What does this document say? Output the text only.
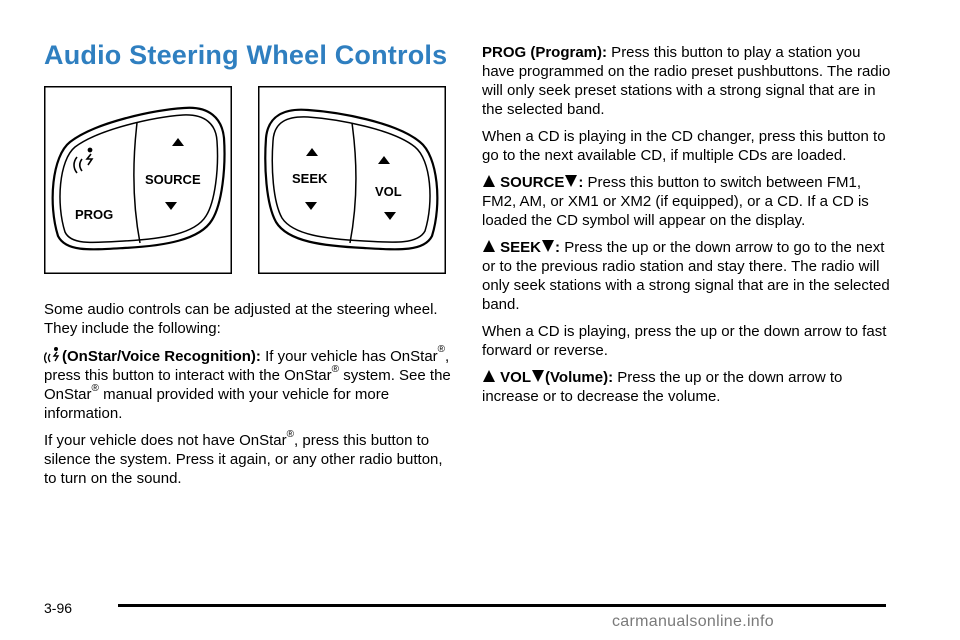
Audio Steering Wheel Controls
PROG
SOURCE	SEEK
VOL

Some audio controls can be adjusted at the steering wheel. They include the following:

(OnStar/Voice Recognition): If your vehicle has OnStar®, press this button to interact with the OnStar® system. See the OnStar® manual provided with your vehicle for more information.

If your vehicle does not have OnStar®, press this button to silence the system. Press it again, or any other radio button, to turn on the sound.

PROG (Program): Press this button to play a station you have programmed on the radio preset pushbuttons. The radio will only seek preset stations with a strong signal that are in the selected band.

When a CD is playing in the CD changer, press this button to go to the next available CD, if multiple CDs are loaded.

SOURCE : Press this button to switch between FM1, FM2, AM, or XM1 or XM2 (if equipped), or a CD. If a CD is loaded the CD symbol will appear on the display.

SEEK : Press the up or the down arrow to go to the next or to the previous radio station and stay there. The radio will only seek stations with a strong signal that are in the selected band.

When a CD is playing, press the up or the down arrow to fast forward or reverse.

VOL (Volume): Press the up or the down arrow to increase or to decrease the volume.

3-96
carmanualsonline.info
